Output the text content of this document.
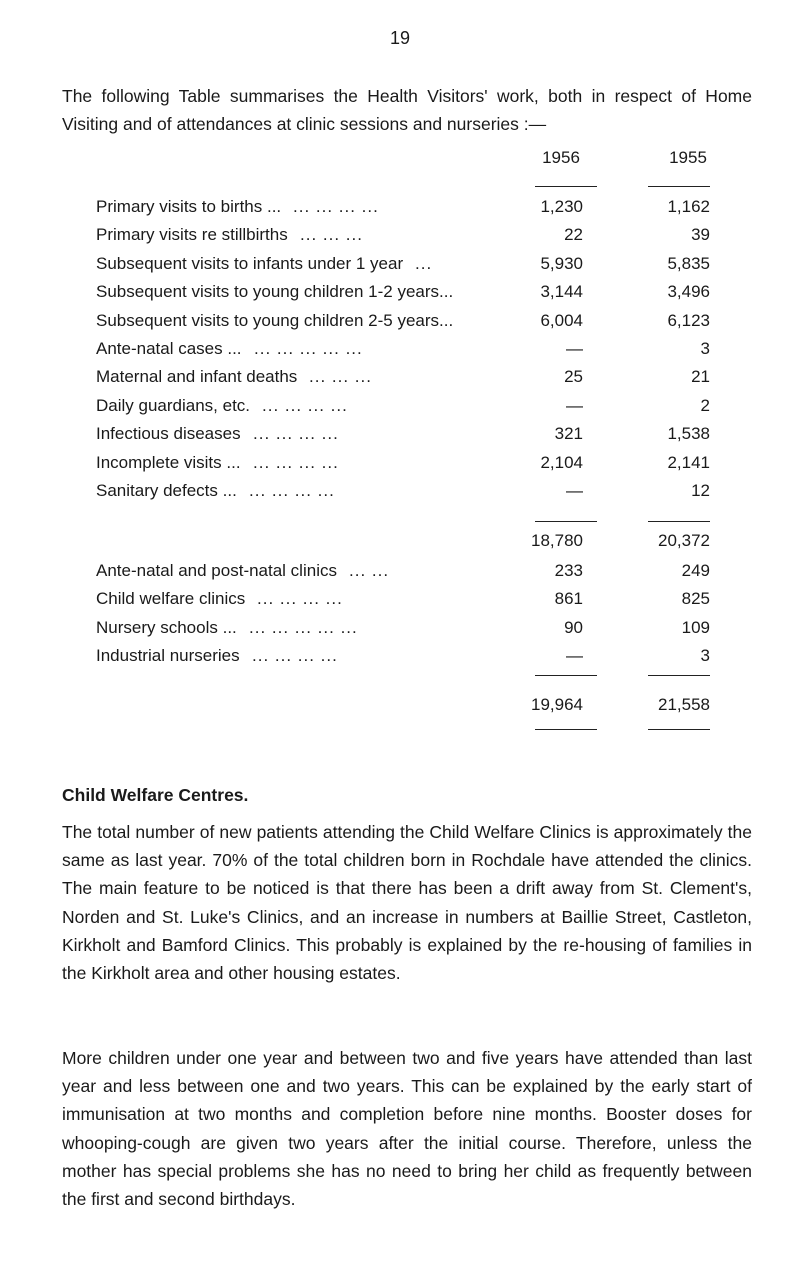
19

The following Table summarises the Health Visitors' work, both in respect of Home Visiting and of attendances at clinic sessions and nurseries :—

1956	1955
Primary visits to births ... ... ... ... ...	1,230	1,162
Primary visits re stillbirths ... ... ...	22	39
Subsequent visits to infants under 1 year ...	5,930	5,835
Subsequent visits to young children 1-2 years...	3,144	3,496
Subsequent visits to young children 2-5 years...	6,004	6,123
Ante-natal cases ... ... ... ... ... ...	—	3
Maternal and infant deaths ... ... ...	25	21
Daily guardians, etc. ... ... ... ...	—	2
Infectious diseases ... ... ... ...	321	1,538
Incomplete visits ... ... ... ... ...	2,104	2,141
Sanitary defects ... ... ... ... ...	—	12
18,780	20,372
Ante-natal and post-natal clinics ... ...	233	249
Child welfare clinics ... ... ... ...	861	825
Nursery schools ... ... ... ... ... ...	90	109
Industrial nurseries ... ... ... ...	—	3
19,964	21,558
Child Welfare Centres.

The total number of new patients attending the Child Welfare Clinics is approximately the same as last year. 70% of the total children born in Rochdale have attended the clinics. The main feature to be noticed is that there has been a drift away from St. Clement's, Norden and St. Luke's Clinics, and an increase in numbers at Baillie Street, Castleton, Kirkholt and Bamford Clinics. This probably is explained by the re-housing of families in the Kirkholt area and other housing estates.

More children under one year and between two and five years have attended than last year and less between one and two years. This can be explained by the early start of immunisation at two months and completion before nine months. Booster doses for whooping-cough are given two years after the initial course. Therefore, unless the mother has special problems she has no need to bring her child as frequently between the first and second birthdays.
